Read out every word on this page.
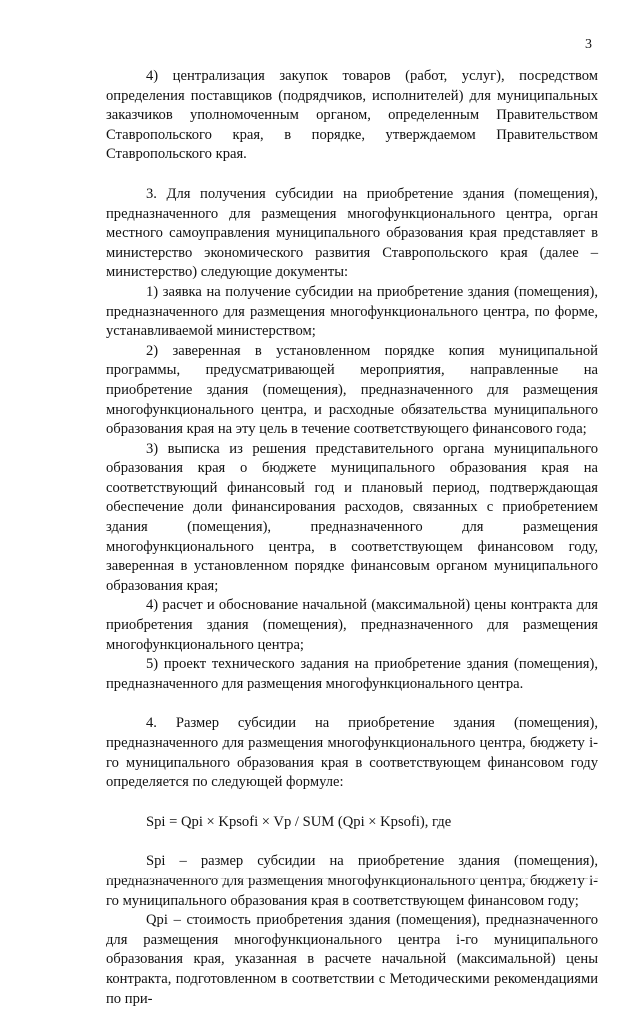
3

4) централизация закупок товаров (работ, услуг), посредством определения поставщиков (подрядчиков, исполнителей) для муниципальных заказчиков уполномоченным органом, определенным Правительством Ставропольского края, в порядке, утверждаемом Правительством Ставропольского края.

3. Для получения субсидии на приобретение здания (помещения), предназначенного для размещения многофункционального центра, орган местного самоуправления муниципального образования края представляет в министерство экономического развития Ставропольского края (далее – министерство) следующие документы:

1) заявка на получение субсидии на приобретение здания (помещения), предназначенного для размещения многофункционального центра, по форме, устанавливаемой министерством;

2) заверенная в установленном порядке копия муниципальной программы, предусматривающей мероприятия, направленные на приобретение здания (помещения), предназначенного для размещения многофункционального центра, и расходные обязательства муниципального образования края на эту цель в течение соответствующего финансового года;

3) выписка из решения представительного органа муниципального образования края о бюджете муниципального образования края на соответствующий финансовый год и плановый период, подтверждающая обеспечение доли финансирования расходов, связанных с приобретением здания (помещения), предназначенного для размещения многофункционального центра, в соответствующем финансовом году, заверенная в установленном порядке финансовым органом муниципального образования края;

4) расчет и обоснование начальной (максимальной) цены контракта для приобретения здания (помещения), предназначенного для размещения многофункционального центра;

5) проект технического задания на приобретение здания (помещения), предназначенного для размещения многофункционального центра.

4. Размер субсидии на приобретение здания (помещения), предназначенного для размещения многофункционального центра, бюджету i-го муниципального образования края в соответствующем финансовом году определяется по следующей формуле:

Spi = Qpi × Kpsofi × Vp / SUM (Qpi × Kpsofi), где

Spi – размер субсидии на приобретение здания (помещения), предназначенного для размещения многофункционального центра, бюджету i-го муниципального образования края в соответствующем финансовом году;

Qpi – стоимость приобретения здания (помещения), предназначенного для размещения многофункционального центра i-го муниципального образования края, указанная в расчете начальной (максимальной) цены контракта, подготовленном в соответствии с Методическими рекомендациями по при-
